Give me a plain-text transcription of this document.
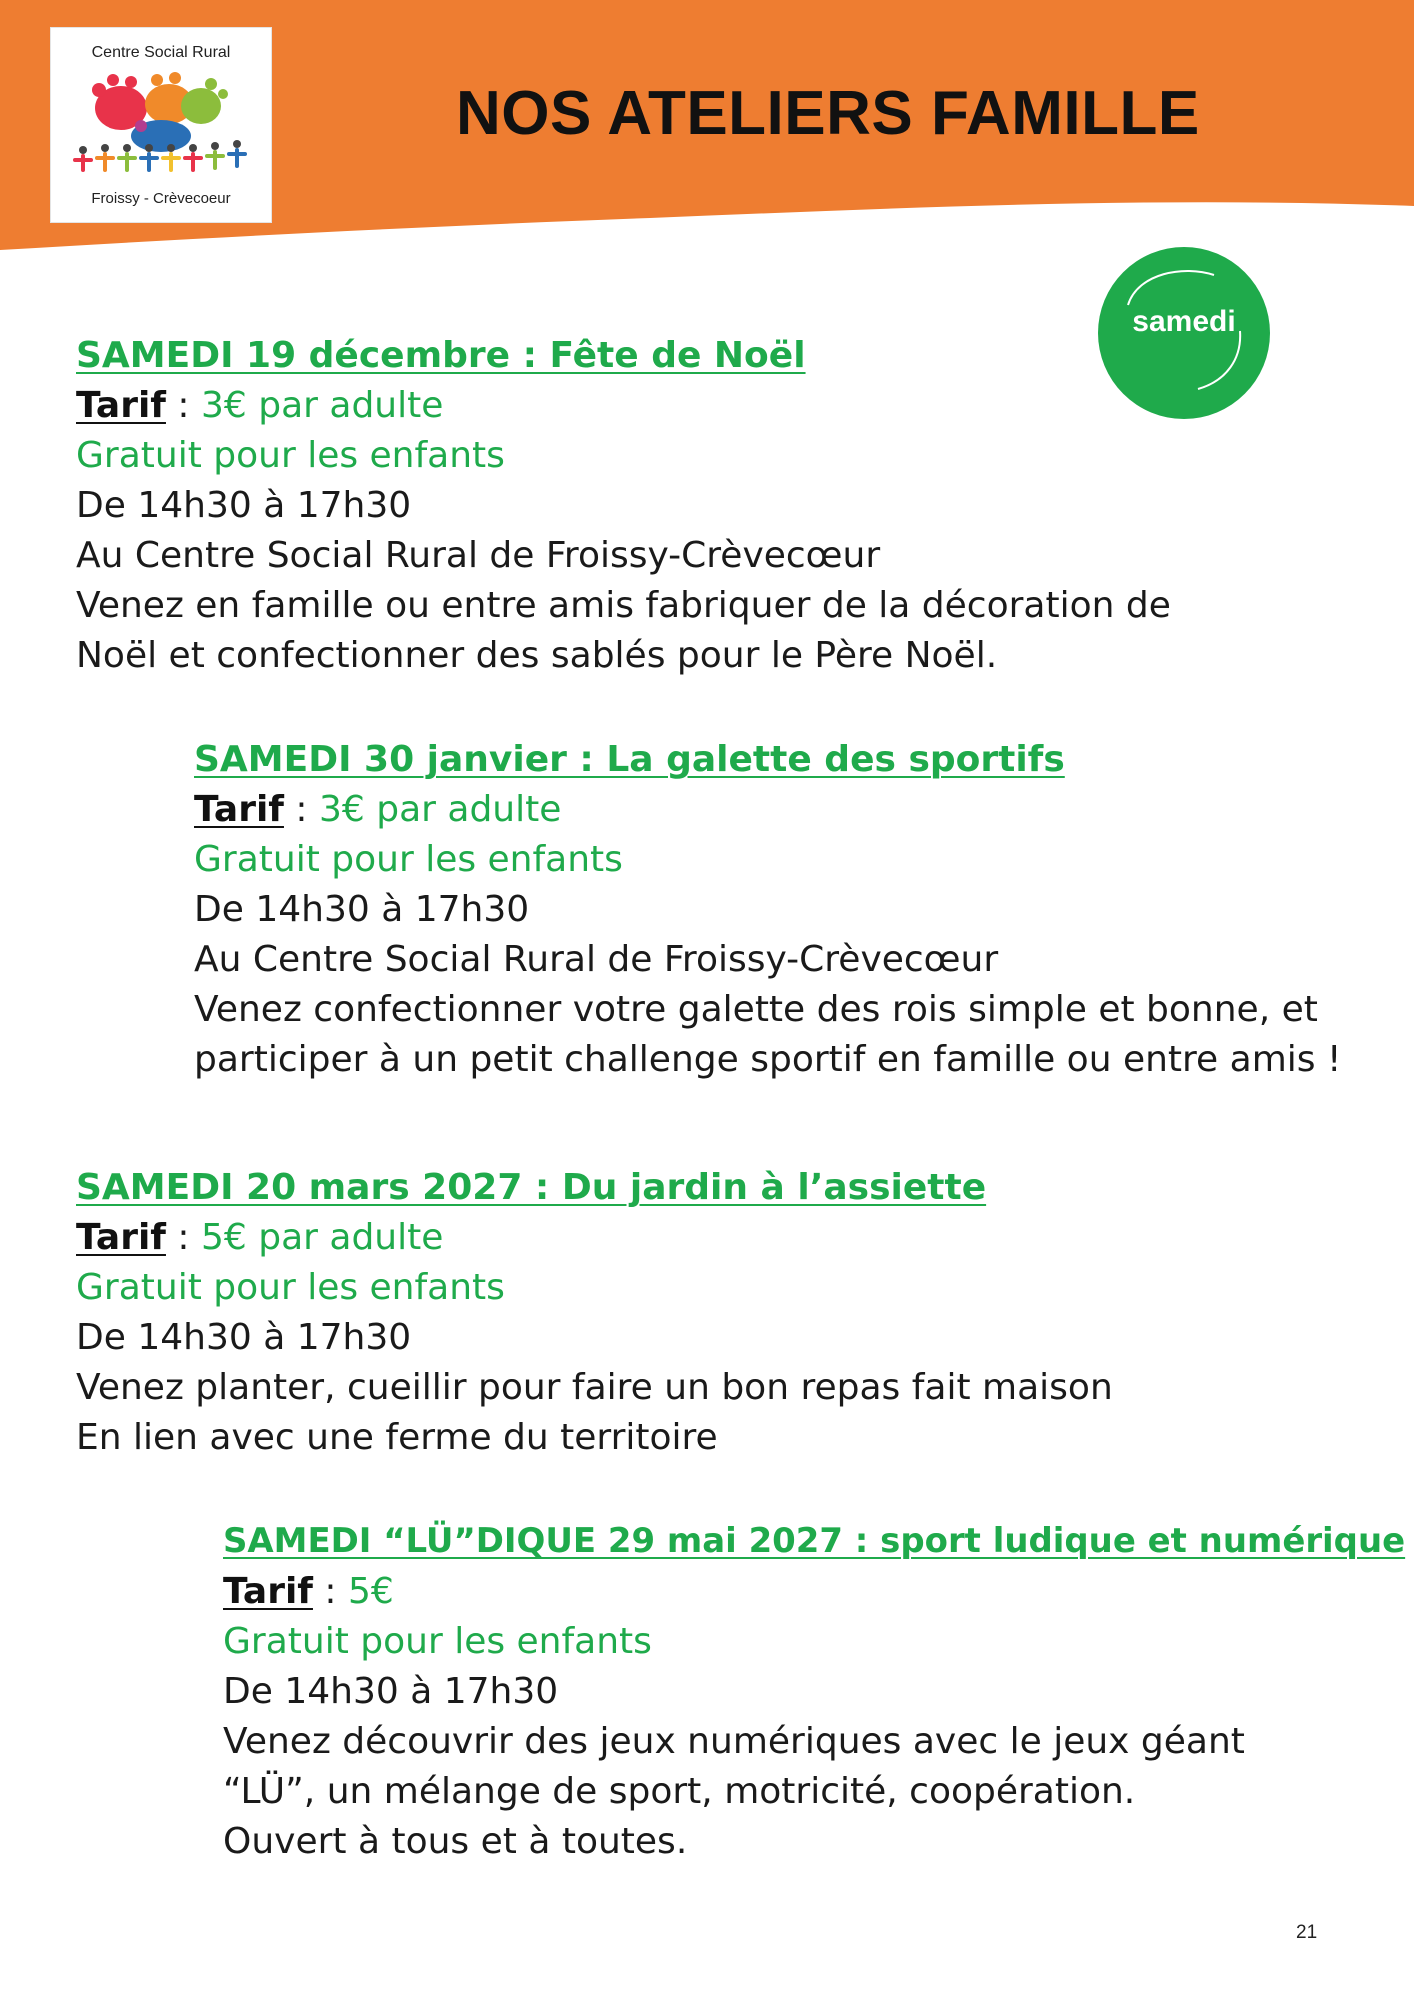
Centre Social Rural
Froissy - Crèvecoeur
NOS ATELIERS FAMILLE
samedi
SAMEDI 19 décembre : Fête de Noël
Tarif : 3€ par adulte
Gratuit pour les enfants
De 14h30 à 17h30
Au Centre Social Rural de Froissy-Crèvecœur
Venez en famille ou entre amis fabriquer de la décoration de
Noël et confectionner des sablés pour le Père Noël.
SAMEDI 30 janvier : La galette des sportifs
Tarif : 3€ par adulte
Gratuit pour les enfants
De 14h30 à 17h30
Au Centre Social Rural de Froissy-Crèvecœur
Venez confectionner votre galette des rois simple et bonne, et
participer à un petit challenge sportif en famille ou entre amis !
SAMEDI 20 mars 2027 : Du jardin à l’assiette
Tarif : 5€ par adulte
Gratuit pour les enfants
De 14h30 à 17h30
Venez planter, cueillir pour faire un bon repas fait maison
En lien avec une ferme du territoire
SAMEDI “LÜ”DIQUE 29 mai 2027 : sport ludique et numérique
Tarif : 5€
Gratuit pour les enfants
De 14h30 à 17h30
Venez découvrir des jeux numériques avec le jeux géant
“LÜ”, un mélange de sport, motricité, coopération.
Ouvert à tous et à toutes.
21
